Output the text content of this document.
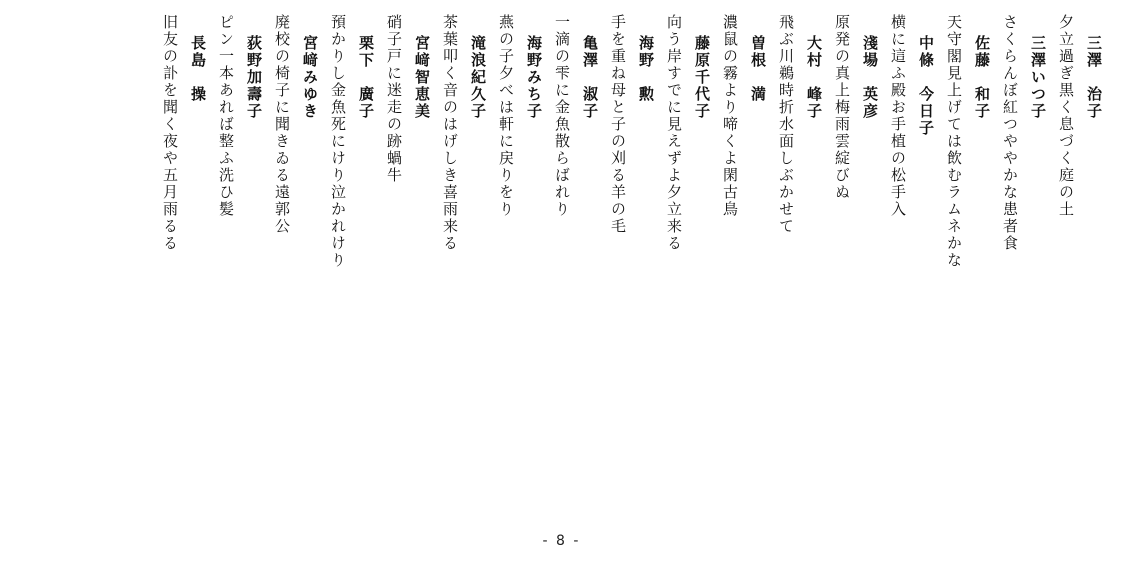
三澤　治子
夕立過ぎ黒く息づく庭の土
三澤いつ子
さくらんぼ紅つややかな患者食
佐藤　和子
天守閣見上げては飲むラムネかな
中條　今日子
横に這ふ殿お手植の松手入
淺場　英彦
原発の真上梅雨雲綻びぬ
大村　峰子
飛ぶ川鵜時折水面しぶかせて
曽根　満
濃鼠の霧より啼くよ閑古鳥
藤原千代子
向う岸すでに見えずよ夕立来る
海野　勲
手を重ね母と子の刈る羊の毛
亀澤　淑子
一滴の雫に金魚散らばれり
海野みち子
燕の子夕べは軒に戻りをり
滝浪紀久子
茶葉叩く音のはげしき喜雨来る
宮﨑智恵美
硝子戸に迷走の跡蝸牛
栗下　廣子
預かりし金魚死にけり泣かれけり
宮﨑みゆき
廃校の椅子に聞きゐる遠郭公
荻野加壽子
ピン一本あれば整ふ洗ひ髪
長島　操
旧友の訃を聞く夜や五月雨るる
- 8 -
